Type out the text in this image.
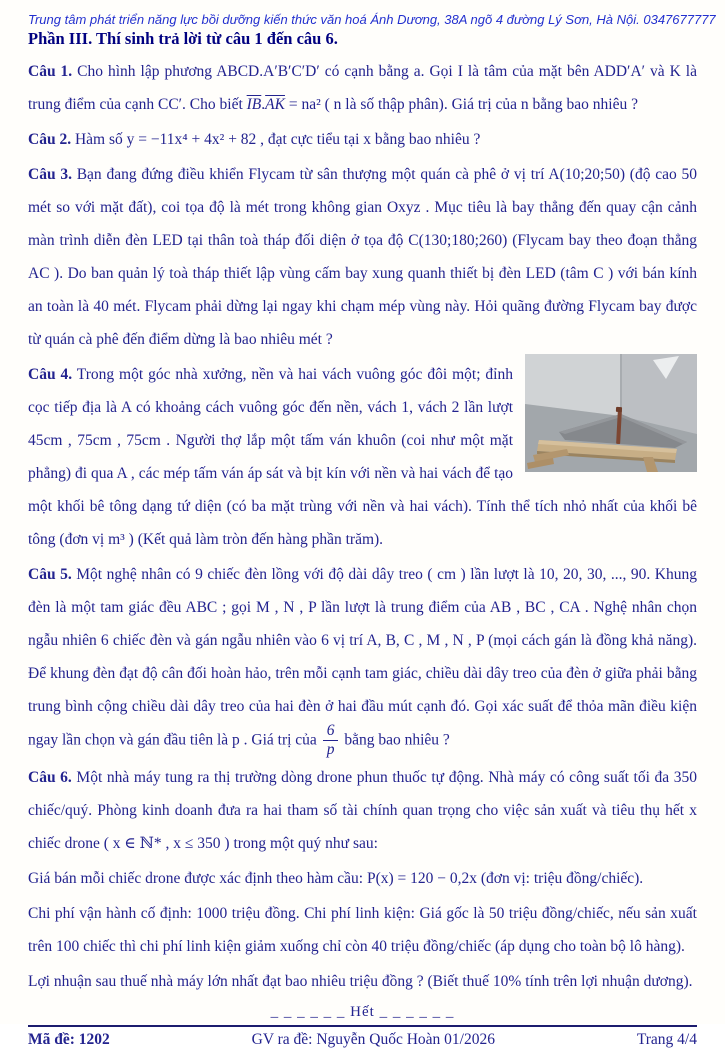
Trung tâm phát triển năng lực bồi dưỡng kiến thức văn hoá Ánh Dương, 38A ngõ 4 đường Lý Sơn, Hà Nội. 0347677777
Phần III. Thí sinh trả lời từ câu 1 đến câu 6.

Câu 1. Cho hình lập phương ABCD.A′B′C′D′ có cạnh bằng a. Gọi I là tâm của mặt bên ADD′A′ và K là trung điểm của cạnh CC′. Cho biết $\overline{IB}.\overline{AK} = na^2$ ( n là số thập phân). Giá trị của n bằng bao nhiêu ?

Câu 2. Hàm số y = −11x⁴ + 4x² + 82 , đạt cực tiểu tại x bằng bao nhiêu ?

Câu 3. Bạn đang đứng điều khiển Flycam từ sân thượng một quán cà phê ở vị trí A(10;20;50) (độ cao 50 mét so với mặt đất), coi tọa độ là mét trong không gian Oxyz . Mục tiêu là bay thẳng đến quay cận cảnh màn trình diễn đèn LED tại thân toà tháp đối diện ở tọa độ C(130;180;260) (Flycam bay theo đoạn thẳng AC ). Do ban quản lý toà tháp thiết lập vùng cấm bay xung quanh thiết bị đèn LED (tâm C ) với bán kính an toàn là 40 mét. Flycam phải dừng lại ngay khi chạm mép vùng này. Hỏi quãng đường Flycam bay được từ quán cà phê đến điểm dừng là bao nhiêu mét ?

Câu 4. Trong một góc nhà xưởng, nền và hai vách vuông góc đôi một; đỉnh cọc tiếp địa là A có khoảng cách vuông góc đến nền, vách 1, vách 2 lần lượt 45cm , 75cm , 75cm . Người thợ lắp một tấm ván khuôn (coi như một mặt phẳng) đi qua A , các mép tấm ván áp sát và bịt kín với nền và hai vách để tạo một khối bê tông dạng tứ diện (có ba mặt trùng với nền và hai vách). Tính thể tích nhỏ nhất của khối bê tông (đơn vị m³ ) (Kết quả làm tròn đến hàng phần trăm).

Câu 5. Một nghệ nhân có 9 chiếc đèn lồng với độ dài dây treo ( cm ) lần lượt là 10, 20, 30, ..., 90. Khung đèn là một tam giác đều ABC ; gọi M , N , P lần lượt là trung điểm của AB , BC , CA . Nghệ nhân chọn ngẫu nhiên 6 chiếc đèn và gán ngẫu nhiên vào 6 vị trí A, B, C , M , N , P (mọi cách gán là đồng khả năng). Để khung đèn đạt độ cân đối hoàn hảo, trên mỗi cạnh tam giác, chiều dài dây treo của đèn ở giữa phải bằng trung bình cộng chiều dài dây treo của hai đèn ở hai đầu mút cạnh đó. Gọi xác suất để thỏa mãn điều kiện ngay lần chọn và gán đầu tiên là p . Giá trị của $\frac{6}{p}$ bằng bao nhiêu ?

Câu 6. Một nhà máy tung ra thị trường dòng drone phun thuốc tự động. Nhà máy có công suất tối đa 350 chiếc/quý. Phòng kinh doanh đưa ra hai tham số tài chính quan trọng cho việc sản xuất và tiêu thụ hết x chiếc drone ( x ∈ ℕ* , x ≤ 350 ) trong một quý như sau:

Giá bán mỗi chiếc drone được xác định theo hàm cầu: P(x) = 120 − 0,2x (đơn vị: triệu đồng/chiếc).

Chi phí vận hành cố định: 1000 triệu đồng. Chi phí linh kiện: Giá gốc là 50 triệu đồng/chiếc, nếu sản xuất trên 100 chiếc thì chi phí linh kiện giảm xuống chỉ còn 40 triệu đồng/chiếc (áp dụng cho toàn bộ lô hàng).

Lợi nhuận sau thuế nhà máy lớn nhất đạt bao nhiêu triệu đồng ? (Biết thuế 10% tính trên lợi nhuận dương).

_ _ _ _ _ _ Hết _ _ _ _ _ _
Mã đề: 1202	GV ra đề: Nguyễn Quốc Hoàn 01/2026	Trang 4/4
